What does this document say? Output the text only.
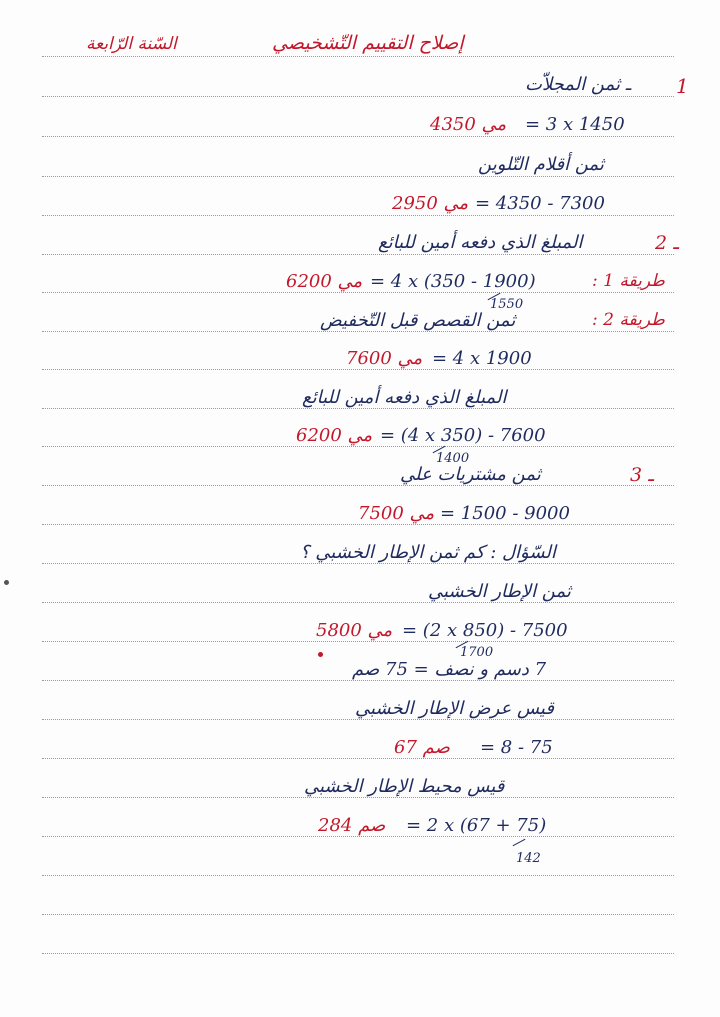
السّنة الرّابعة	إصلاح التقييم التّشخيصي
1
ـ ثمن المجلاّت
مي 4350 = 3 x 1450
ثمن أقلام التّلوين
مي 2950 = 4350 - 7300
ـ 2
المبلغ الذي دفعه أمين للبائع
طريقة 1 :
مي 6200 = 4 x (350 - 1900)
1550
طريقة 2 :
ثمن القصص قبل التّخفيض
مي 7600 = 4 x 1900
المبلغ الذي دفعه أمين للبائع
مي 6200 = (4 x 350) - 7600
1400
ـ 3
ثمن مشتريات علي
مي 7500 = 1500 - 9000
السّؤال : كم ثمن الإطار الخشبي ؟
ثمن الإطار الخشبي
مي 5800 = (2 x 850) - 7500
1700
7 دسم و نصف = 75 صم
قيس عرض الإطار الخشبي
صم 67 = 8 - 75
قيس محيط الإطار الخشبي
صم 284 = 2 x (67 + 75)
142
